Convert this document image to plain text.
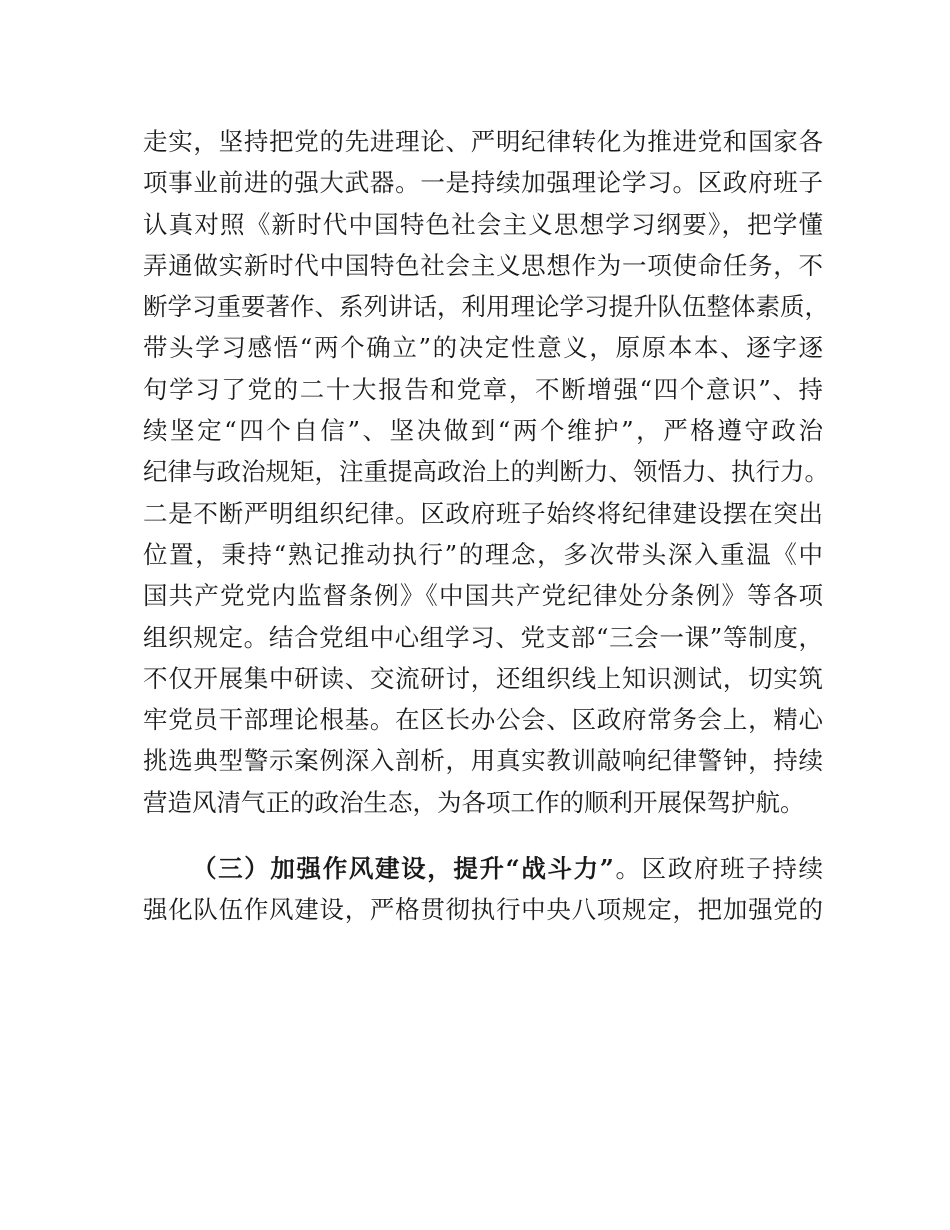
走实，坚持把党的先进理论、严明纪律转化为推进党和国家各
项事业前进的强大武器。一是持续加强理论学习。区政府班子
认真对照《新时代中国特色社会主义思想学习纲要》，把学懂
弄通做实新时代中国特色社会主义思想作为一项使命任务，不
断学习重要著作、系列讲话，利用理论学习提升队伍整体素质，
带头学习感悟“两个确立”的决定性意义，原原本本、逐字逐
句学习了党的二十大报告和党章，不断增强“四个意识”、持
续坚定“四个自信”、坚决做到“两个维护”，严格遵守政治
纪律与政治规矩，注重提高政治上的判断力、领悟力、执行力。
二是不断严明组织纪律。区政府班子始终将纪律建设摆在突出
位置，秉持“熟记推动执行”的理念，多次带头深入重温《中
国共产党党内监督条例》《中国共产党纪律处分条例》等各项
组织规定。结合党组中心组学习、党支部“三会一课”等制度，
不仅开展集中研读、交流研讨，还组织线上知识测试，切实筑
牢党员干部理论根基。在区长办公会、区政府常务会上，精心
挑选典型警示案例深入剖析，用真实教训敲响纪律警钟，持续
营造风清气正的政治生态，为各项工作的顺利开展保驾护航。
（三）加强作风建设，提升“战斗力”。区政府班子持续
强化队伍作风建设，严格贯彻执行中央八项规定，把加强党的
